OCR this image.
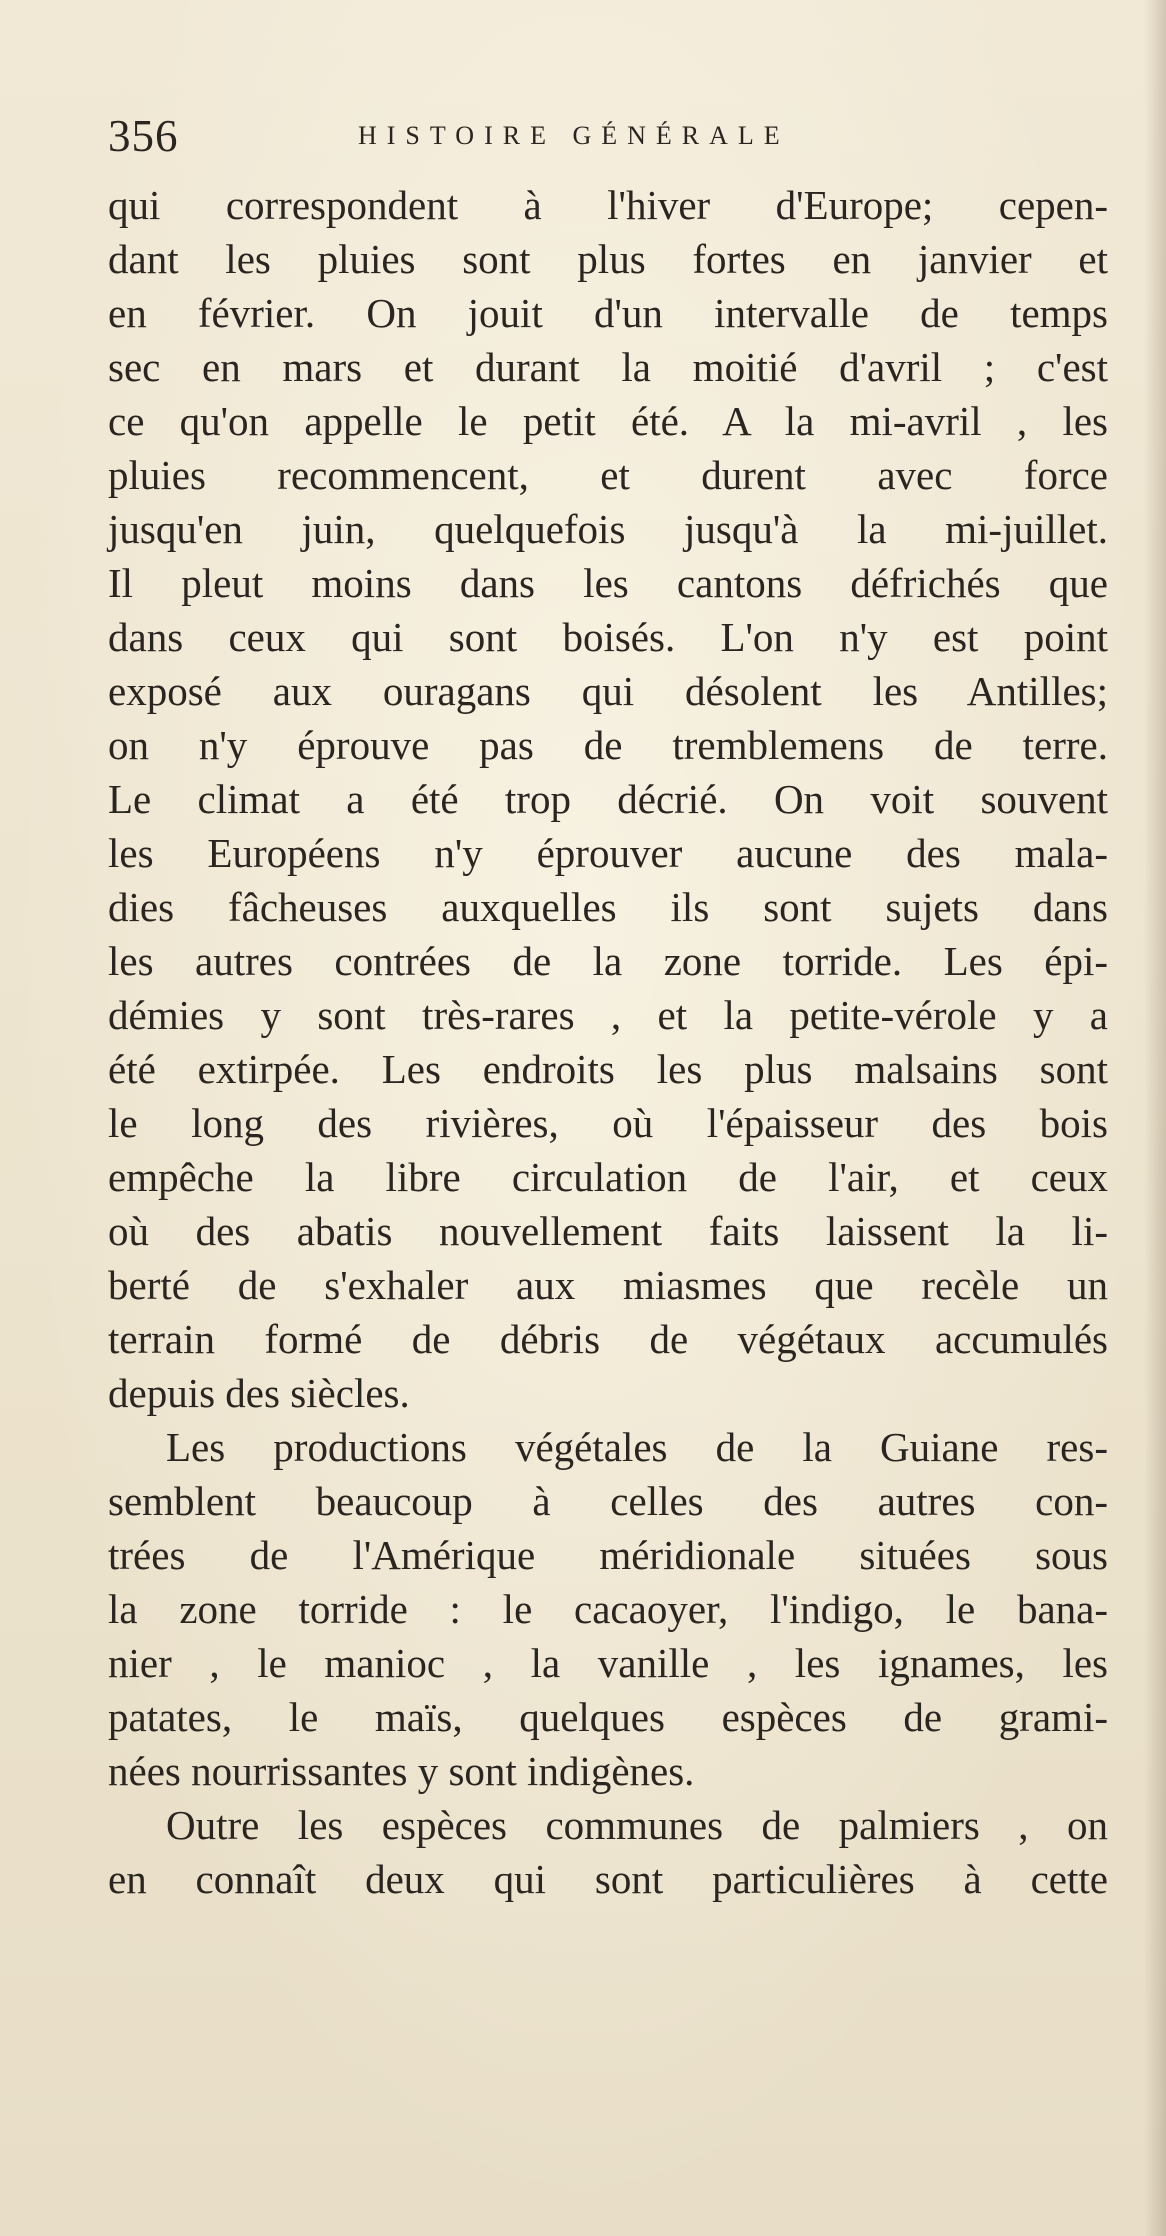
356	HISTOIRE GÉNÉRALE
qui correspondent à l'hiver d'Europe; cepen-
dant les pluies sont plus fortes en janvier et
en février. On jouit d'un intervalle de temps
sec en mars et durant la moitié d'avril ; c'est
ce qu'on appelle le petit été. A la mi-avril , les
pluies recommencent, et durent avec force
jusqu'en juin, quelquefois jusqu'à la mi-juillet.
Il pleut moins dans les cantons défrichés que
dans ceux qui sont boisés. L'on n'y est point
exposé aux ouragans qui désolent les Antilles;
on n'y éprouve pas de tremblemens de terre.
Le climat a été trop décrié. On voit souvent
les Européens n'y éprouver aucune des mala-
dies fâcheuses auxquelles ils sont sujets dans
les autres contrées de la zone torride. Les épi-
démies y sont très-rares , et la petite-vérole y a
été extirpée. Les endroits les plus malsains sont
le long des rivières, où l'épaisseur des bois
empêche la libre circulation de l'air, et ceux
où des abatis nouvellement faits laissent la li-
berté de s'exhaler aux miasmes que recèle un
terrain formé de débris de végétaux accumulés
depuis des siècles.
Les productions végétales de la Guiane res-
semblent beaucoup à celles des autres con-
trées de l'Amérique méridionale situées sous
la zone torride : le cacaoyer, l'indigo, le bana-
nier , le manioc , la vanille , les ignames, les
patates, le maïs, quelques espèces de grami-
nées nourrissantes y sont indigènes.
Outre les espèces communes de palmiers , on
en connaît deux qui sont particulières à cette
